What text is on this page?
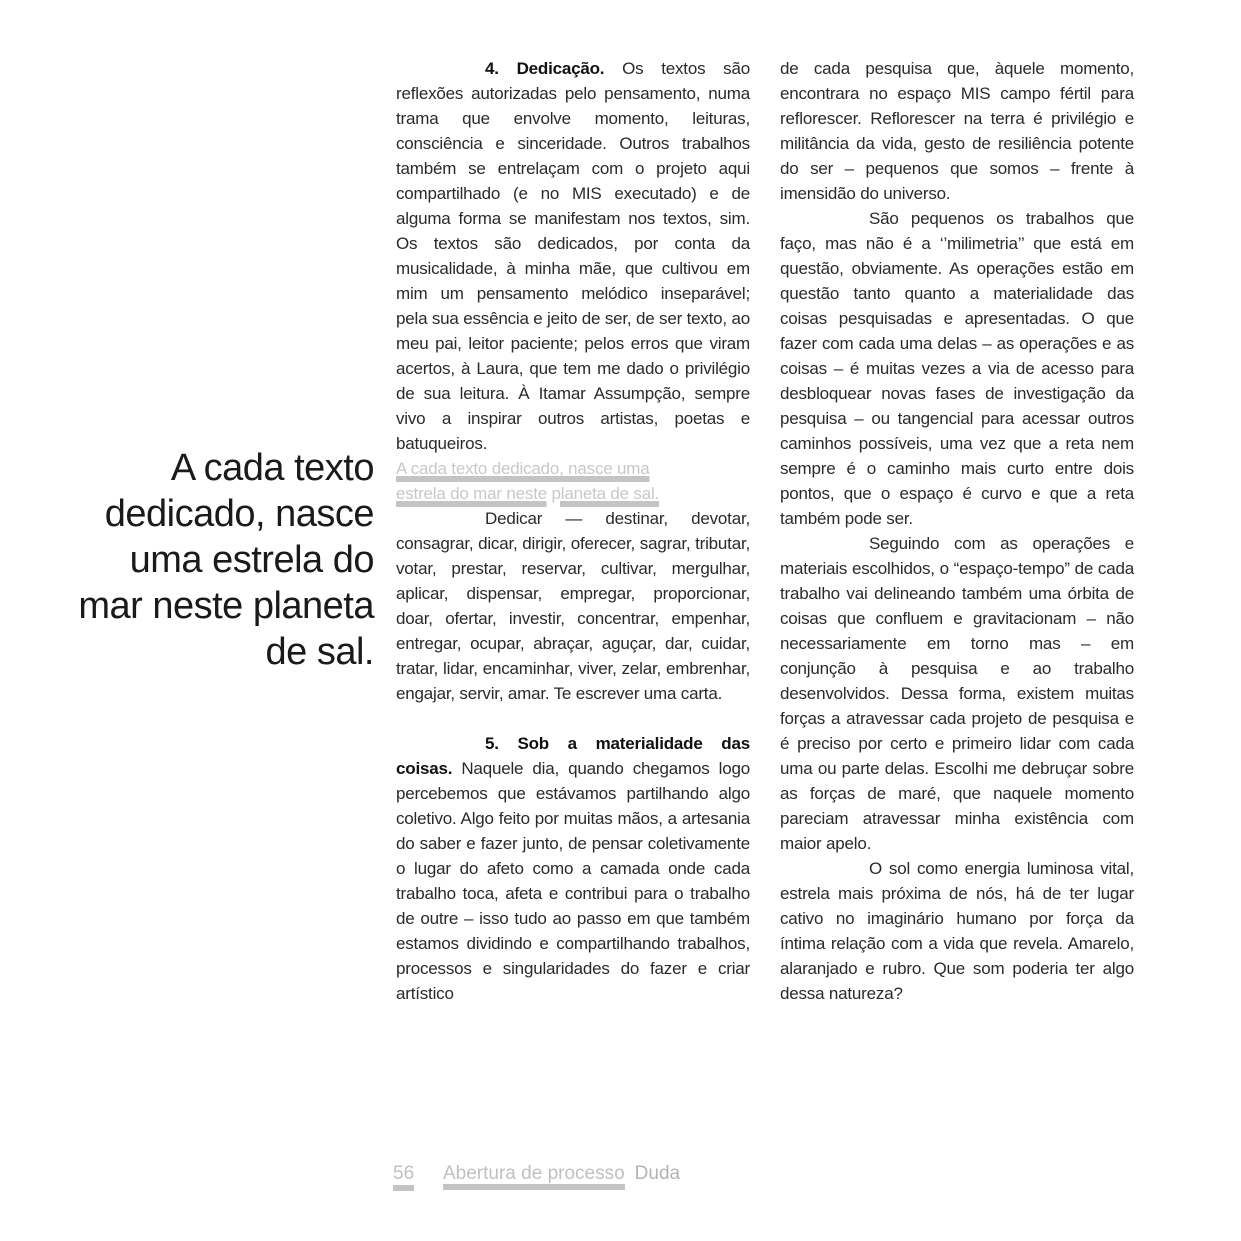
A cada texto
dedicado, nasce
uma estrela do
mar neste planeta
de sal.

4. Dedicação. Os textos são reflexões autorizadas pelo pensamento, numa trama que envolve momento, leituras, consciência e sinceridade. Outros trabalhos também se entrelaçam com o projeto aqui compartilhado (e no MIS executado) e de alguma forma se manifestam nos textos, sim. Os textos são dedicados, por conta da musicalidade, à minha mãe, que cultivou em mim um pensamento melódico inseparável; pela sua essência e jeito de ser, de ser texto, ao meu pai, leitor paciente; pelos erros que viram acertos, à Laura, que tem me dado o privilégio de sua leitura. À Itamar Assumpção, sempre vivo a inspirar outros artistas, poetas e batuqueiros.

A cada texto dedicado, nasce uma
estrela do mar neste planeta de sal.

Dedicar — destinar, devotar, consagrar, dicar, dirigir, oferecer, sagrar, tributar, votar, prestar, reservar, cultivar, mergulhar, aplicar, dispensar, empregar, proporcionar, doar, ofertar, investir, concentrar, empenhar, entregar, ocupar, abraçar, aguçar, dar, cuidar, tratar, lidar, encaminhar, viver, zelar, embrenhar, engajar, servir, amar. Te escrever uma carta.

5. Sob a materialidade das coisas. Naquele dia, quando chegamos logo percebemos que estávamos partilhando algo coletivo. Algo feito por muitas mãos, a artesania do saber e fazer junto, de pensar coletivamente o lugar do afeto como a camada onde cada trabalho toca, afeta e contribui para o trabalho de outre – isso tudo ao passo em que também estamos dividindo e compartilhando trabalhos, processos e singularidades do fazer e criar artístico

de cada pesquisa que, àquele momento, encontrara no espaço MIS campo fértil para reflorescer. Reflorescer na terra é privilégio e militância da vida, gesto de resiliência potente do ser – pequenos que somos – frente à imensidão do universo.

São pequenos os trabalhos que faço, mas não é a ‘’milimetria’’ que está em questão, obviamente. As operações estão em questão tanto quanto a materialidade das coisas pesquisadas e apresentadas. O que fazer com cada uma delas – as operações e as coisas – é muitas vezes a via de acesso para desbloquear novas fases de investigação da pesquisa – ou tangencial para acessar outros caminhos possíveis, uma vez que a reta nem sempre é o caminho mais curto entre dois pontos, que o espaço é curvo e que a reta também pode ser.

Seguindo com as operações e materiais escolhidos, o “espaço-tempo” de cada trabalho vai delineando também uma órbita de coisas que confluem e gravitacionam – não necessariamente em torno mas – em conjunção à pesquisa e ao trabalho desenvolvidos. Dessa forma, existem muitas forças a atravessar cada projeto de pesquisa e é preciso por certo e primeiro lidar com cada uma ou parte delas. Escolhi me debruçar sobre as forças de maré, que naquele momento pareciam atravessar minha existência com maior apelo.

O sol como energia luminosa vital, estrela mais próxima de nós, há de ter lugar cativo no imaginário humano por força da íntima relação com a vida que revela. Amarelo, alaranjado e rubro. Que som poderia ter algo dessa natureza?

56 Abertura de processo Duda
